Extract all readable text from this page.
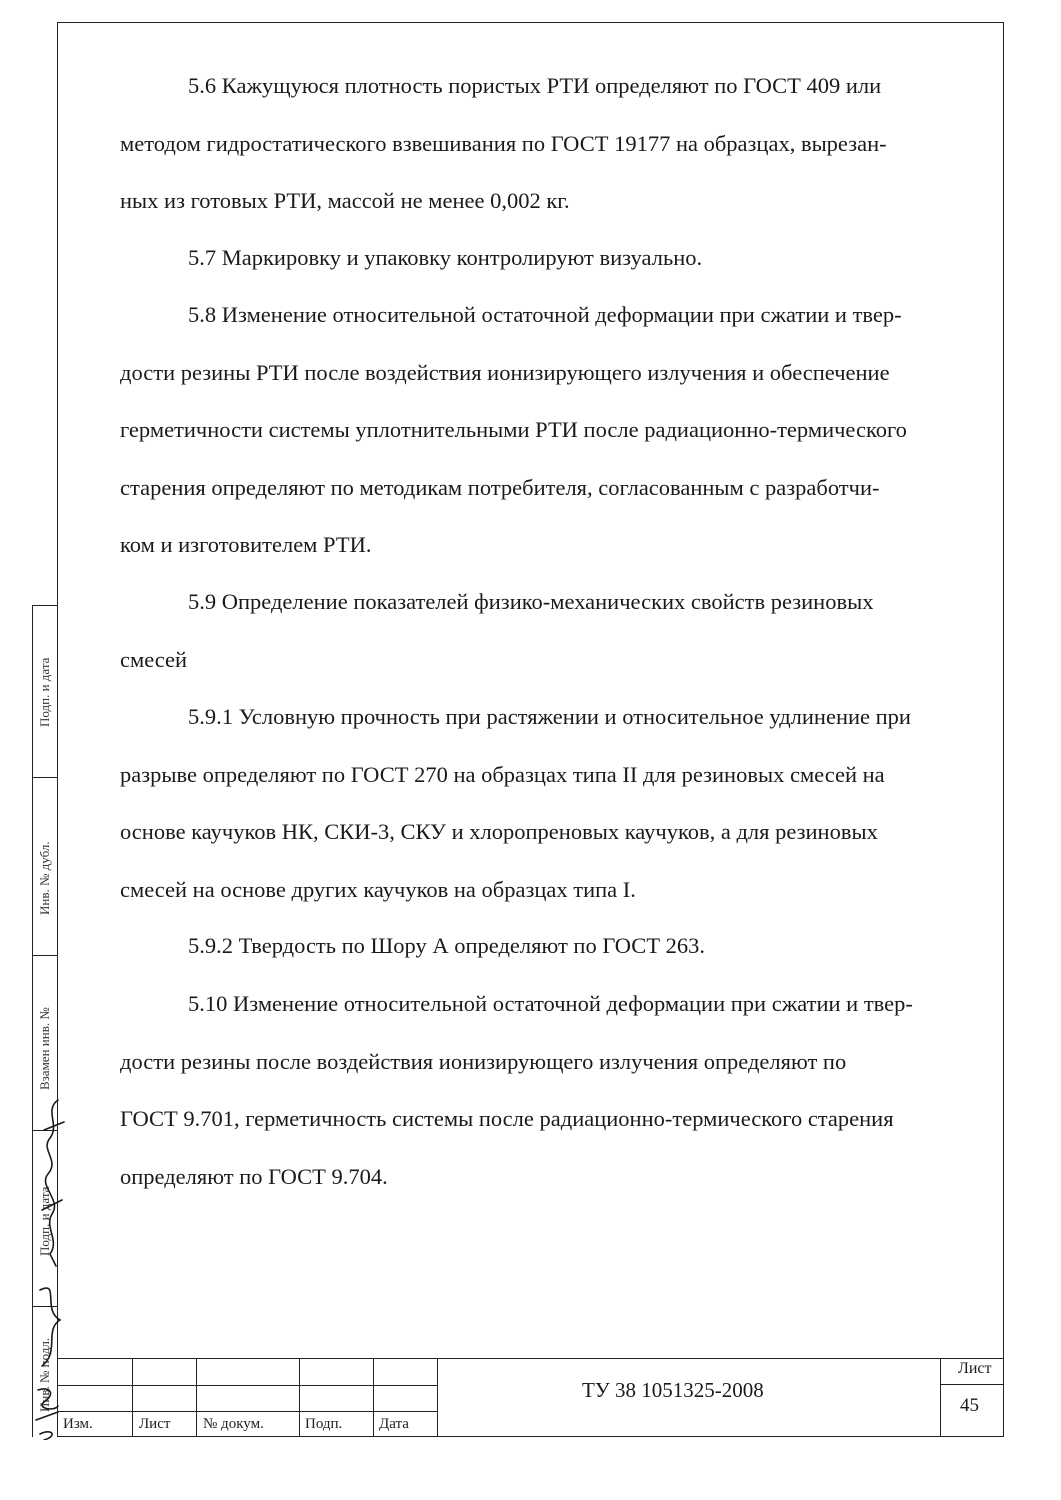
5.6 Кажущуюся плотность пористых РТИ определяют по ГОСТ 409 или
методом гидростатического взвешивания по ГОСТ 19177 на образцах, вырезан-
ных из готовых РТИ, массой не менее 0,002 кг.

5.7 Маркировку и упаковку контролируют визуально.

5.8 Изменение относительной остаточной деформации при сжатии и твер-
дости резины РТИ после воздействия ионизирующего излучения и обеспечение
герметичности системы уплотнительными РТИ после радиационно-термического
старения определяют по методикам потребителя, согласованным с разработчи-
ком и изготовителем РТИ.

5.9 Определение показателей физико-механических свойств резиновых
смесей

5.9.1 Условную прочность при растяжении и относительное удлинение при
разрыве определяют по ГОСТ 270 на образцах типа II для резиновых смесей на
основе каучуков НК, СКИ-3, СКУ и хлоропреновых каучуков, а для резиновых
смесей на основе других каучуков на образцах типа I.

5.9.2 Твердость по Шору А определяют по ГОСТ 263.

5.10 Изменение относительной остаточной деформации при сжатии и твер-
дости резины после воздействия ионизирующего излучения определяют по
ГОСТ 9.701, герметичность системы после радиационно-термического старения
определяют по ГОСТ 9.704.

Подп. и дата
Инв. № дубл.
Взамен инв. №
Подп. и дата
Инв. № подл.
Изм.	Лист № докум.	Подп. Дата
ТУ 38 1051325-2008
Лист
45
